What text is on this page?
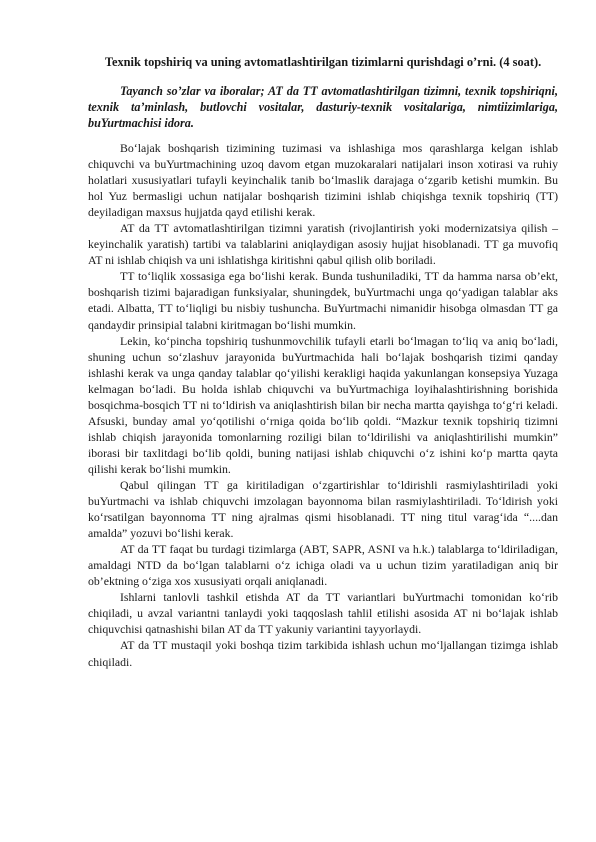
Texnik topshiriq va uning avtomatlashtirilgan tizimlarni qurishdagi o’rni. (4 soat).

Tayanch so’zlar va iboralar; AT da TT avtomatlashtirilgan tizimni, texnik topshiriqni, texnik ta’minlash, butlovchi vositalar, dasturiy-texnik vositalariga, nimtiizimlariga, buYurtmachisi idora.

Bo‘lajak boshqarish tizimining tuzimasi va ishlashiga mos qarashlarga kelgan ishlab chiquvchi va buYurtmachining uzoq davom etgan muzokaralari natijalari inson xotirasi va ruhiy holatlari xususiyatlari tufayli keyinchalik tanib bo‘lmaslik darajaga o‘zgarib ketishi mumkin. Bu hol Yuz bermasligi uchun natijalar boshqarish tizimini ishlab chiqishga texnik topshiriq (TT) deyiladigan maxsus hujjatda qayd etilishi kerak.

AT da TT avtomatlashtirilgan tizimni yaratish (rivojlantirish yoki modernizatsiya qilish – keyinchalik yaratish) tartibi va talablarini aniqlaydigan asosiy hujjat hisoblanadi. TT ga muvofiq AT ni ishlab chiqish va uni ishlatishga kiritishni qabul qilish olib boriladi.

TT to‘liqlik xossasiga ega bo‘lishi kerak. Bunda tushuniladiki, TT da hamma narsa ob’ekt, boshqarish tizimi bajaradigan funksiyalar, shuningdek, buYurtmachi unga qo‘yadigan talablar aks etadi. Albatta, TT to‘liqligi bu nisbiy tushuncha. BuYurtmachi nimanidir hisobga olmasdan TT ga qandaydir prinsipial talabni kiritmagan bo‘lishi mumkin.

Lekin, ko‘pincha topshiriq tushunmovchilik tufayli etarli bo‘lmagan to‘liq va aniq bo‘ladi, shuning uchun so‘zlashuv jarayonida buYurtmachida hali bo‘lajak boshqarish tizimi qanday ishlashi kerak va unga qanday talablar qo‘yilishi kerakligi haqida yakunlangan konsepsiya Yuzaga kelmagan bo‘ladi. Bu holda ishlab chiquvchi va buYurtmachiga loyihalashtirishning borishida bosqichma-bosqich TT ni to‘ldirish va aniqlashtirish bilan bir necha martta qayishga to‘g‘ri keladi. Afsuski, bunday amal yo‘qotilishi o‘rniga qoida bo‘lib qoldi. “Mazkur texnik topshiriq tizimni ishlab chiqish jarayonida tomonlarning roziligi bilan to‘ldirilishi va aniqlashtirilishi mumkin” iborasi bir taxlitdagi bo‘lib qoldi, buning natijasi ishlab chiquvchi o‘z ishini ko‘p martta qayta qilishi kerak bo‘lishi mumkin.

Qabul qilingan TT ga kiritiladigan o‘zgartirishlar to‘ldirishli rasmiylashtiriladi yoki buYurtmachi va ishlab chiquvchi imzolagan bayonnoma bilan rasmiylashtiriladi. To‘ldirish yoki ko‘rsatilgan bayonnoma TT ning ajralmas qismi hisoblanadi. TT ning titul varag‘ida “....dan amalda” yozuvi bo‘lishi kerak.

AT da TT faqat bu turdagi tizimlarga (ABT, SAPR, ASNI va h.k.) talablarga to‘ldiriladigan, amaldagi NTD da bo‘lgan talablarni o‘z ichiga oladi va u uchun tizim yaratiladigan aniq bir ob’ektning o‘ziga xos xususiyati orqali aniqlanadi.

Ishlarni tanlovli tashkil etishda AT da TT variantlari buYurtmachi tomonidan ko‘rib chiqiladi, u avzal variantni tanlaydi yoki taqqoslash tahlil etilishi asosida AT ni bo‘lajak ishlab chiquvchisi qatnashishi bilan AT da TT yakuniy variantini tayyorlaydi.

AT da TT mustaqil yoki boshqa tizim tarkibida ishlash uchun mo‘ljallangan tizimga ishlab chiqiladi.
